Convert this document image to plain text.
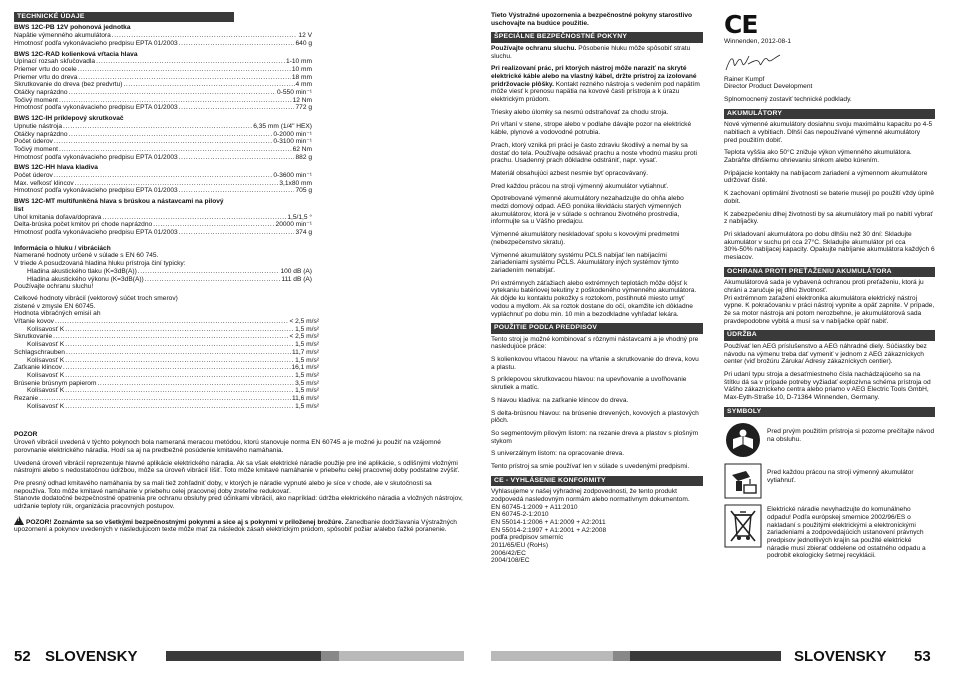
TECHNICKÉ ÚDAJE
BWS 12C-PB 12V pohonová jednotka
Napätie výmenného akumulátora .....	12 V
Hmotnosť podľa vykonávacieho predpisu EPTA 01/2003 .....	640 g
BWS 12C-RAD kolienková vŕtacia hlava
Upínací rozsah skľučovadla .....	1-10 mm
Priemer vrtu do ocele .....	10 mm
Priemer vrtu do dreva .....	18 mm
Skrutkovanie do dreva (bez predvrtu) .....	4 mm
Otáčky naprázdno .....	0-550 min⁻¹
Točivý moment .....	12 Nm
Hmotnosť podľa vykonávacieho predpisu EPTA 01/2003 .....	772 g
BWS 12C-IH príklepový skrutkovač
Upnutie nástroja .....	6,35 mm (1/4" HEX)
Otáčky naprázdno .....	0-2000 min⁻¹
Počet úderov .....	0-3100 min⁻¹
Točivý moment .....	62 Nm
Hmotnosť podľa vykonávacieho predpisu EPTA 01/2003 .....	882 g
BWS 12C-HH hlava kladiva
Počet úderov .....	0-3600 min⁻¹
Max. veľkosť klincov .....	3,1x80 mm
Hmotnosť podľa vykonávacieho predpisu EPTA 01/2003 .....	705 g
BWS 12C-MT multifunkčná hlava s brúskou a nástavcami na pilový list
Uhol kmitania doľava/doprava .....	1,5/1,5 °
Delta-brúska počet kmitov pri chode naprázdno .....	20000 min⁻¹
Hmotnosť podľa vykonávacieho predpisu EPTA 01/2003 .....	374 g
Informácia o hluku / vibráciách
Namerané hodnoty určené v súlade s EN 60 745.
V triede A posudzovaná hladina hluku prístroja činí typicky:
Hladina akustického tlaku (K=3dB(A)) .....	100 dB (A)
Hladina akustického výkonu (K=3dB(A)) .....	111 dB (A)
Používajte ochranu sluchu!
Celkové hodnoty vibrácií (vektorový súčet troch smerov)
zistené v zmysle EN 60745.
Hodnota vibračných emisií ah
Vŕtanie kovov .....	< 2,5 m/s²
Kolísavosť K .....	1,5 m/s²
Skrutkovanie .....	< 2,5 m/s²
Kolísavosť K .....	1,5 m/s²
Schlagschrauben .....	11,7 m/s²
Kolísavosť K .....	1,5 m/s²
Zaťkanie klincov .....	16,1 m/s²
Kolísavosť K .....	1,5 m/s²
Brúsenie brúsnym papierom .....	3,5 m/s²
Kolísavosť K .....	1,5 m/s²
Rezanie .....	11,6 m/s²
Kolísavosť K .....	1,5 m/s²
POZOR
Úroveň vibrácií uvedená v týchto pokynoch bola nameraná meracou metódou, ktorú stanovuje norma EN 60745 a je možné ju použiť na vzájomné porovnanie elektrického náradia. Hodí sa aj na predbežné posúdenie kmitavého namáhania.
Uvedená úroveň vibrácií reprezentuje hlavné aplikácie elektrického náradia. Ak sa však elektrické náradie použije pre iné aplikácie, s odlišnými vložnými nástrojmi alebo s nedostatočnou údržbou, môže sa úroveň vibrácií líšiť. Toto môže kmitavé namáhanie v priebehu celej pracovnej doby podstatne zvýšiť.
Pre presný odhad kmitavého namáhania by sa mali tiež zohľadniť doby, v ktorých je náradie vypnuté alebo je síce v chode, ale v skutočnosti sa nepoužíva. Toto môže kmitavé namáhanie v priebehu celej pracovnej doby zreteľne redukovať.
Stanovte dodatočné bezpečnostné opatrenia pre ochranu obsluhy pred účinkami vibrácií, ako napríklad: údržba elektrického náradia a vložných nástrojov, udržanie teploty rúk, organizácia pracovných postupov.
!POZOR! Zoznámte sa so všetkými bezpečnostnými pokynmi a sice aj s pokynmi v priloženej brožúre. Zanedbanie dodržiavania Výstražných upozornení a pokynov uvedených v nasledujúcom texte môže mať za následok zásah elektrickým prúdom, spôsobiť požiar a/alebo ťažké poranenie.
Tieto Výstražné upozornenia a bezpečnostné pokyny starostlivo uschovajte na budúce použitie.
ŠPECIÁLNE BEZPEČNOSTNÉ POKYNY
Používajte ochranu sluchu. Pôsobenie hluku môže spôsobiť stratu sluchu.
Pri realizovaní prác, pri ktorých nástroj môže naraziť na skryté elektrické káble alebo na vlastný kábel, držte prístroj za izolované pridržovacie plôšky. Kontakt rezného nástroja s vedením pod napätím môže viesť k prenosu napätia na kovové časti prístroja a k úrazu elektrickým prúdom.
Triesky alebo úlomky sa nesmú odstraňovať za chodu stroja.
Pri vŕtaní v stene, strope alebo v podlahe dávajte pozor na elektrické káble, plynové a vodovodné potrubia.
Prach, ktorý vzniká pri práci je často zdraviu škodlivý a nemal by sa dostať do tela. Používajte odsávač prachu a noste vhodnú masku proti prachu. Usadenný prach dôkladne odstrániť, napr. vysať.
Materiál obsahujúci azbest nesmie byť opracovávaný.
Pred každou prácou na stroji výmenný akumulátor vytiahnuť.
Opotrebované výmenné akumulátory nezahadzujte do ohňa alebo medzi domový odpad. AEG ponúka likvidáciu starých výmenných akumulátorov, ktorá je v súlade s ochranou životného prostredia, informujte sa u Vášho predajcu.
Výmenné akumulátory neskladovať spolu s kovovými predmetmi (nebezpečenstvo skratu).
Výmenné akumulátory systému PCLS nabíjať len nabíjacími zariadeniami systému PCLS. Akumulátory iných systémov týmto zariadením nenabíjať.
Pri extrémnych záťažiach alebo extrémnych teplotách môže dôjsť k vytekaniu batériovej tekutiny z poškodeného výmenného akumulátora. Ak dôjde ku kontaktu pokožky s roztokom, postihnuté miesto umyť vodou a mydlom. Ak sa roztok dostane do očí, okamžite ich dôkladne vypláchnuť po dobu min. 10 min a bezodkladne vyhľadať lekára.
POUŽITIE PODĽA PREDPISOV
Tento stroj je možné kombinovať s rôznymi nástavcami a je vhodný pre nasledujúce práce:
S kolienkovou vŕtacou hlavou: na vŕtanie a skrutkovanie do dreva, kovu a plastu.
S príklepovou skrutkovacou hlavou: na upevňovanie a uvoľňovanie skrutiek a matíc.
S hlavou kladiva: na zaťkanie klincov do dreva.
S delta-brúsnou hlavou: na brúsenie drevených, kovových a plastových plôch.
So segmentovým pílovým listom: na rezanie dreva a plastov s plošným stykom
S univerzálnym listom: na opracovanie dreva.
Tento prístroj sa smie používať len v súlade s uvedenými predpismi.
CE - VYHLÁSENIE KONFORMITY
Vyhlasujeme v našej výhradnej zodpovednosti, že tento produkt zodpovedá nasledovným normám alebo normatívnym dokumentom.
EN 60745-1:2009 + A11:2010
EN 60745-2-1:2010
EN 55014-1:2006 + A1:2009 + A2:2011
EN 55014-2:1997 + A1:2001 + A2:2008
podľa predpisov smerníc
2011/65/EU (RoHs)
2006/42/EC
2004/108/EC
CE
Winnenden, 2012-08-1
Rainer Kumpf
Director Product Development
Splnomocnený zostaviť technické podklady.
AKUMULÁTORY
Nové výmenné akumulátory dosiahnu svoju maximálnu kapacitu po 4-5 nabitiach a vybitiach. Dlhší čas nepoužívané výmenné akumulátory pred použitím dobiť.
Teplota vyššia ako 50°C znižuje výkon výmenného akumulátora. Zabráňte dlhšiemu ohrievaniu slnkom alebo kúrením.
Pripájacie kontakty na nabíjacom zariadení a výmennom akumulátore udržovať čisté.
K zachovaní optimální životnosti se baterie musejí po použití vždy úplně dobít.
K zabezpečeniu dlhej životnosti by sa akumulátory mali po nabití vybrať z nabíjačky.
Pri skladovaní akumulátora po dobu dlhšiu než 30 dní: Skladujte akumulátor v suchu pri cca 27°C. Skladujte akumulátor pri cca 30%-50% nabíjacej kapacity. Opakujte nabíjanie akumulátora každých 6 mesiacov.
OCHRANA PROTI PREŤAŽENIU AKUMULÁTORA
Akumulátorová sada je vybavená ochranou proti preťaženiu, ktorá ju chráni a zaručuje jej dlhú životnosť.
Pri extrémnom zaťažení elektronika akumulátora elektrický nástroj vypne. K pokračovaniu v práci nástroj vypnite a opäť zapnite. V prípade, že sa motor nástroja ani potom nerozbehne, je akumulátorová sada pravdepodobne vybitá a musí sa v nabíjačke opäť nabiť.
ÚDRŽBA
Používať len AEG príslušenstvo a AEG náhradné diely. Súčiastky bez návodu na výmenu treba dať vymeniť v jednom z AEG zákazníckych center (viď brožúru Záruka/ Adresy zákazníckych centier).
Pri udaní typu stroja a desaťmiestneho čísla nachádzajúceho sa na štítku dá sa v prípade potreby vyžiadať explozívna schéma prístroja od Vášho zákazníckeho centra alebo priamo v AEG Electric Tools GmbH, Max-Eyth-Straße 10, D-71364 Winnenden, Germany.
SYMBOLY
Pred prvým použitím prístroja si pozorne prečítajte návod na obsluhu.
Pred každou prácou na stroji výmenný akumulátor vytiahnuť.
Elektrické náradie nevyhadzujte do komunálneho odpadu! Podľa európskej smernice 2002/96/ES o nakladaní s použitými elektrickými a elektronickými zariadeniami a zodpovedajúcich ustanovení právnych predpisov jednotlivých krajín sa použité elektrické náradie musí zbierať oddelene od ostatného odpadu a podrobit ekologicky šetrnej recyklácii.
52 SLOVENSKY	SLOVENSKY 53
